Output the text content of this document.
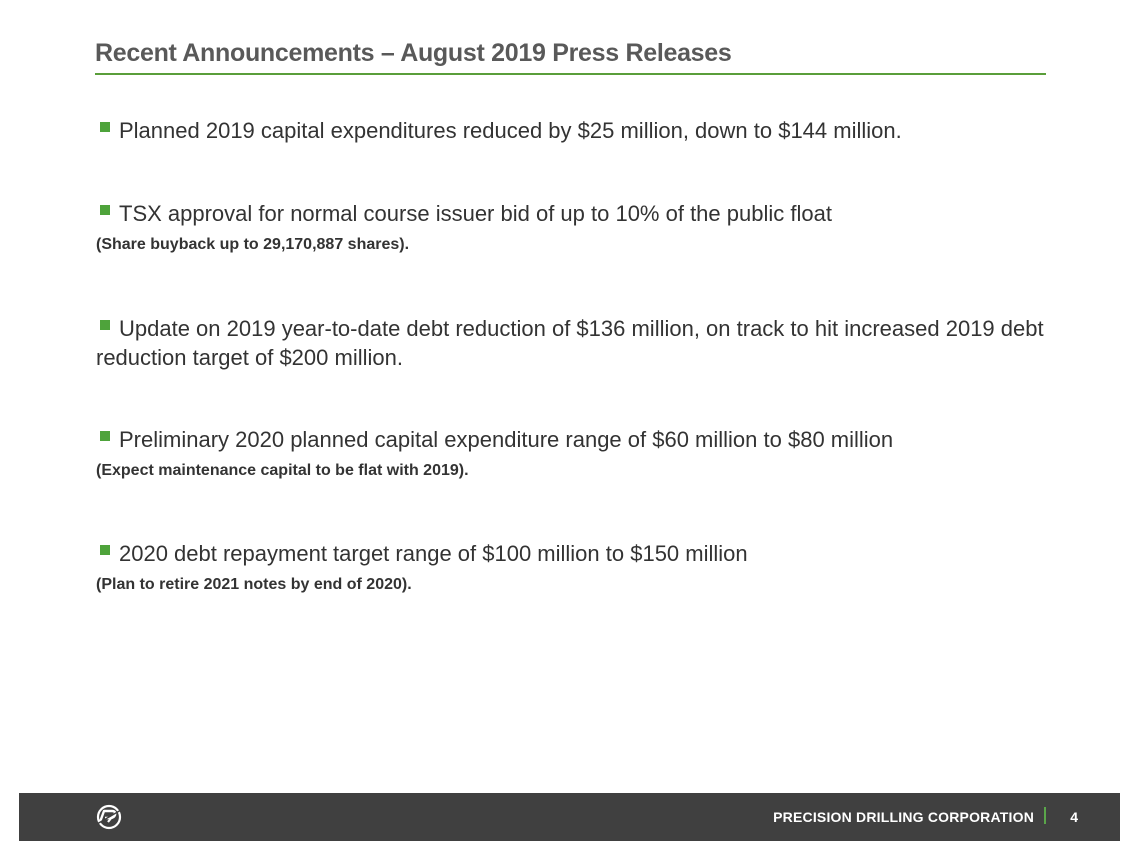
Recent Announcements – August 2019 Press Releases
Planned 2019 capital expenditures reduced by $25 million, down to $144 million.
TSX approval for normal course issuer bid of up to 10% of the public float
(Share buyback up to 29,170,887 shares).
Update on 2019 year-to-date debt reduction of $136 million, on track to hit increased 2019 debt reduction target of $200 million.
Preliminary 2020 planned capital expenditure range of $60 million to $80 million
(Expect maintenance capital to be flat with 2019).
2020 debt repayment target range of $100 million to $150 million
(Plan to retire 2021 notes by end of 2020).
PRECISION DRILLING CORPORATION	4
